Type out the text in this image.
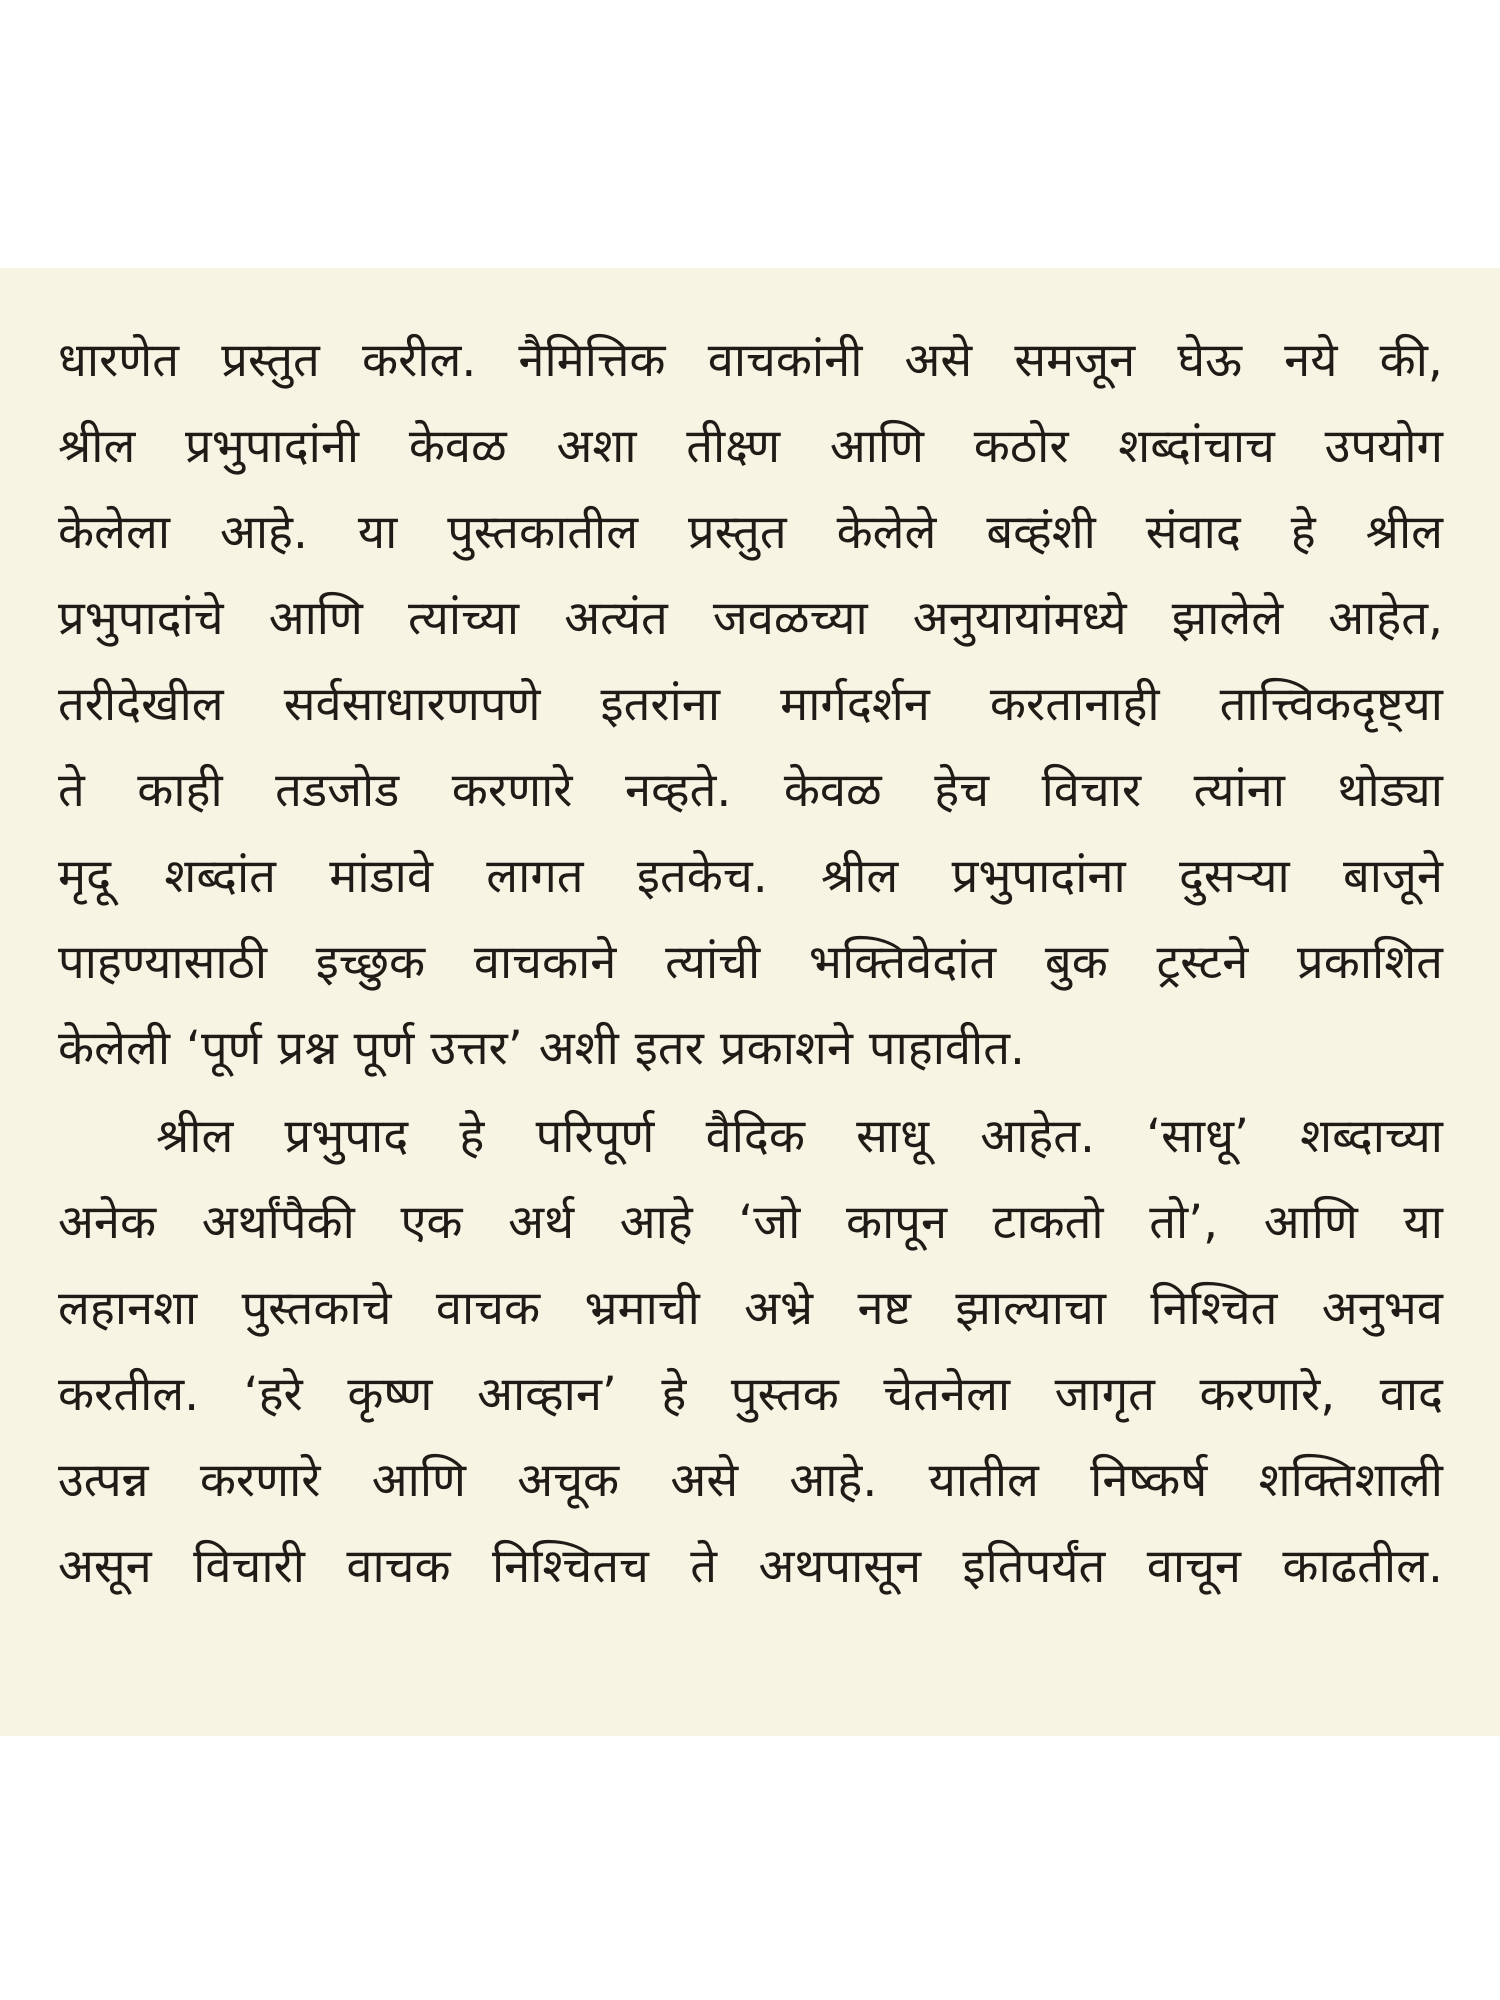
धारणेत प्रस्तुत करील. नैमित्तिक वाचकांनी असे समजून घेऊ नये की,
श्रील प्रभुपादांनी केवळ अशा तीक्ष्ण आणि कठोर शब्दांचाच उपयोग
केलेला आहे. या पुस्तकातील प्रस्तुत केलेले बव्हंशी संवाद हे श्रील
प्रभुपादांचे आणि त्यांच्या अत्यंत जवळच्या अनुयायांमध्ये झालेले आहेत,
तरीदेखील सर्वसाधारणपणे इतरांना मार्गदर्शन करतानाही तात्त्विकदृष्ट्या
ते काही तडजोड करणारे नव्हते. केवळ हेच विचार त्यांना थोड्या
मृदू शब्दांत मांडावे लागत इतकेच. श्रील प्रभुपादांना दुसऱ्या बाजूने
पाहण्यासाठी इच्छुक वाचकाने त्यांची भक्तिवेदांत बुक ट्रस्टने प्रकाशित
केलेली ‘पूर्ण प्रश्न पूर्ण उत्तर’ अशी इतर प्रकाशने पाहावीत.
श्रील प्रभुपाद हे परिपूर्ण वैदिक साधू आहेत. ‘साधू’ शब्दाच्या
अनेक अर्थांपैकी एक अर्थ आहे ‘जो कापून टाकतो तो’, आणि या
लहानशा पुस्तकाचे वाचक भ्रमाची अभ्रे नष्ट झाल्याचा निश्चित अनुभव
करतील. ‘हरे कृष्ण आव्हान’ हे पुस्तक चेतनेला जागृत करणारे, वाद
उत्पन्न करणारे आणि अचूक असे आहे. यातील निष्कर्ष शक्तिशाली
असून विचारी वाचक निश्चितच ते अथपासून इतिपर्यंत वाचून काढतील.
